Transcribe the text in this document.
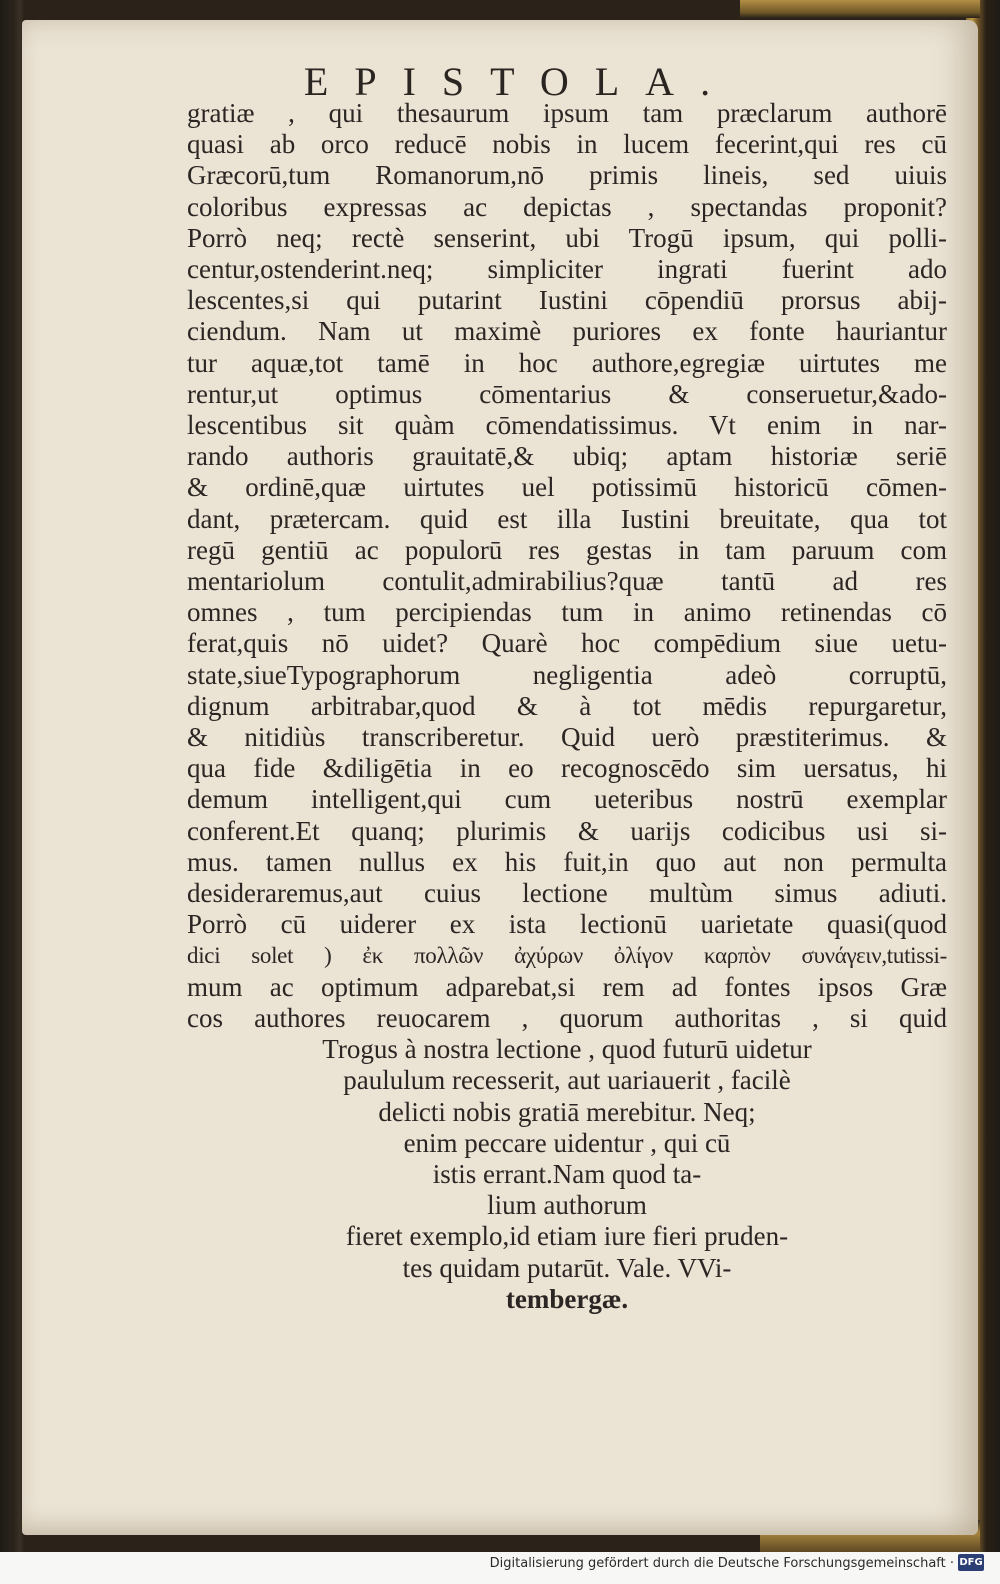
EPISTOLA.
gratiæ , qui thesaurum ipsum tam præclarum authorē
quasi ab orco reducē nobis in lucem fecerint,qui res cū
Græcorū,tum Romanorum,nō primis lineis, sed uiuis
coloribus expressas ac depictas , spectandas proponit?
Porrò neq; rectè senserint, ubi Trogū ipsum, qui polli-
centur,ostenderint.neq; simpliciter ingrati fuerint ado
lescentes,si qui putarint Iustini cōpendiū prorsus abij-
ciendum. Nam ut maximè puriores ex fonte hauriantur
tur aquæ,tot tamē in hoc authore,egregiæ uirtutes me
rentur,ut optimus cōmentarius & conseruetur,&ado-
lescentibus sit quàm cōmendatissimus. Vt enim in nar-
rando authoris grauitatē,& ubiq; aptam historiæ seriē
& ordinē,quæ uirtutes uel potissimū historicū cōmen-
dant, prætercam. quid est illa Iustini breuitate, qua tot
regū gentiū ac populorū res gestas in tam paruum com
mentariolum contulit,admirabilius?quæ tantū ad res
omnes , tum percipiendas tum in animo retinendas cō
ferat,quis nō uidet? Quarè hoc compēdium siue uetu-
state,siueTypographorum negligentia adeò corruptū,
dignum arbitrabar,quod & à tot mēdis repurgaretur,
& nitidiùs transcriberetur. Quid uerò præstiterimus. &
qua fide &diligētia in eo recognoscēdo sim uersatus, hi
demum intelligent,qui cum ueteribus nostrū exemplar
conferent.Et quanq; plurimis & uarijs codicibus usi si-
mus. tamen nullus ex his fuit,in quo aut non permulta
desideraremus,aut cuius lectione multùm simus adiuti.
Porrò cū uiderer ex ista lectionū uarietate quasi(quod
dici solet ) ἐκ πολλῶν ἀχύρων ὀλίγον καρπὸν συνάγειν,tutissi-
mum ac optimum adparebat,si rem ad fontes ipsos Græ
cos authores reuocarem , quorum authoritas , si quid
Trogus à nostra lectione , quod futurū uidetur
paululum recesserit, aut uariauerit , facilè
delicti nobis gratiā merebitur. Neq;
enim peccare uidentur , qui cū
istis errant.Nam quod ta-
lium authorum
fieret exemplo,id etiam iure fieri pruden-
tes quidam putarūt. Vale. VVi-
tembergæ.
Digitalisierung gefördert durch die Deutsche Forschungsgemeinschaft · DFG
